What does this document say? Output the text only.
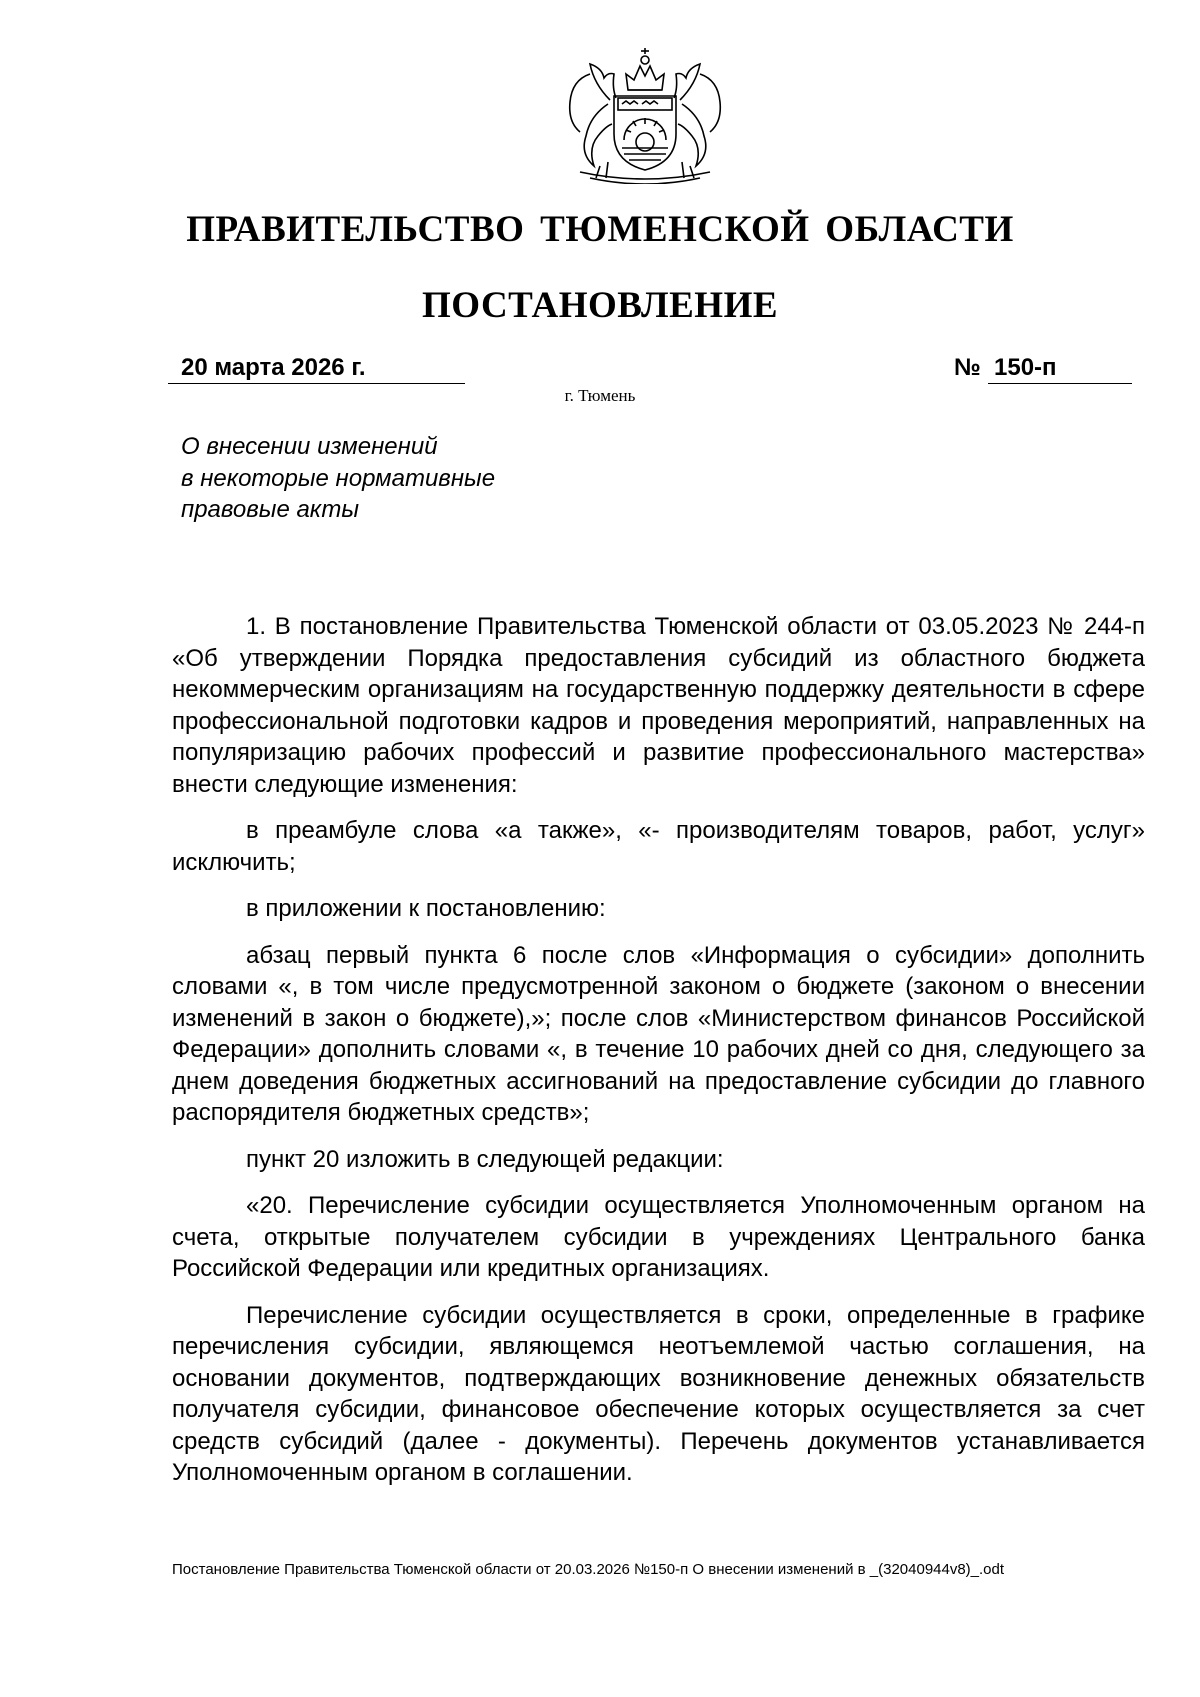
ПРАВИТЕЛЬСТВО ТЮМЕНСКОЙ ОБЛАСТИ
ПОСТАНОВЛЕНИЕ
20 марта 2026 г.	№ 150-п
г. Тюмень
О внесении изменений
в некоторые нормативные
правовые акты

1. В постановление Правительства Тюменской области от 03.05.2023 № 244-п «Об утверждении Порядка предоставления субсидий из областного бюджета некоммерческим организациям на государственную поддержку деятельности в сфере профессиональной подготовки кадров и проведения мероприятий, направленных на популяризацию рабочих профессий и развитие профессионального мастерства» внести следующие изменения:

в преамбуле слова «а также», «- производителям товаров, работ, услуг» исключить;

в приложении к постановлению:

абзац первый пункта 6 после слов «Информация о субсидии» дополнить словами «, в том числе предусмотренной законом о бюджете (законом о внесении изменений в закон о бюджете),»; после слов «Министерством финансов Российской Федерации» дополнить словами «, в течение 10 рабочих дней со дня, следующего за днем доведения бюджетных ассигнований на предоставление субсидии до главного распорядителя бюджетных средств»;

пункт 20 изложить в следующей редакции:

«20. Перечисление субсидии осуществляется Уполномоченным органом на счета, открытые получателем субсидии в учреждениях Центрального банка Российской Федерации или кредитных организациях.

Перечисление субсидии осуществляется в сроки, определенные в графике перечисления субсидии, являющемся неотъемлемой частью соглашения, на основании документов, подтверждающих возникновение денежных обязательств получателя субсидии, финансовое обеспечение которых осуществляется за счет средств субсидий (далее - документы). Перечень документов устанавливается Уполномоченным органом в соглашении.

Постановление Правительства Тюменской области от 20.03.2026 №150-п О внесении изменений в _(32040944v8)_.odt
